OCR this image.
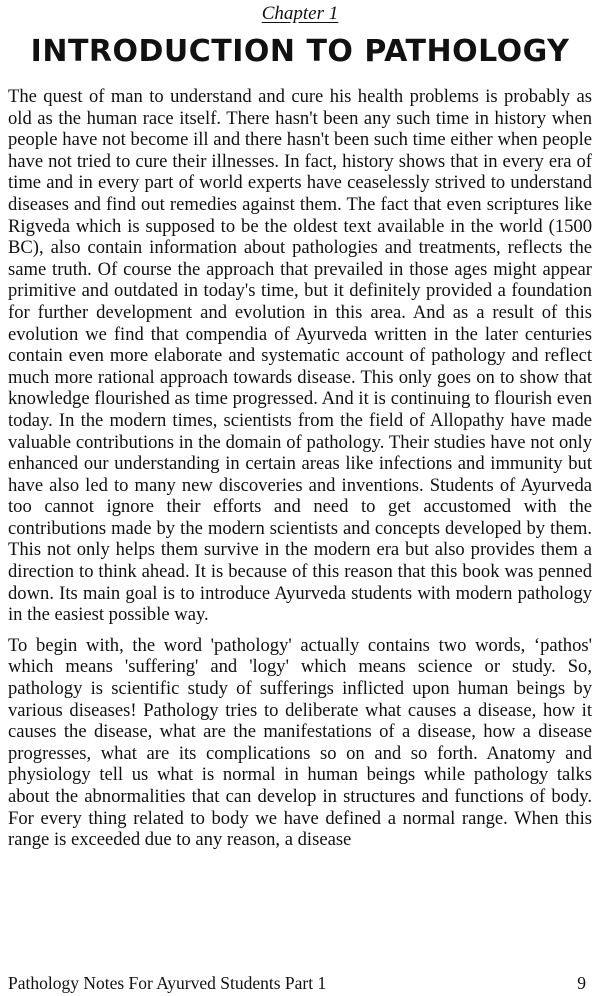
Chapter 1
INTRODUCTION TO PATHOLOGY

The quest of man to understand and cure his health problems is probably as old as the human race itself. There hasn't been any such time in history when people have not become ill and there hasn't been such time either when people have not tried to cure their illnesses. In fact, history shows that in every era of time and in every part of world experts have ceaselessly strived to understand diseases and find out remedies against them. The fact that even scriptures like Rigveda which is supposed to be the oldest text available in the world (1500 BC), also contain information about pathologies and treatments, reflects the same truth. Of course the approach that prevailed in those ages might appear primitive and outdated in today's time, but it definitely provided a foundation for further development and evolution in this area. And as a result of this evolution we find that compendia of Ayurveda written in the later centuries contain even more elaborate and systematic account of pathology and reflect much more rational approach towards disease. This only goes on to show that knowledge flourished as time progressed. And it is continuing to flourish even today. In the modern times, scientists from the field of Allopathy have made valuable contributions in the domain of pathology. Their studies have not only enhanced our understanding in certain areas like infections and immunity but have also led to many new discoveries and inventions. Students of Ayurveda too cannot ignore their efforts and need to get accustomed with the contributions made by the modern scientists and concepts developed by them. This not only helps them survive in the modern era but also provides them a direction to think ahead. It is because of this reason that this book was penned down. Its main goal is to introduce Ayurveda students with modern pathology in the easiest possible way.

To begin with, the word 'pathology' actually contains two words, ‘pathos' which means 'suffering' and 'logy' which means science or study. So, pathology is scientific study of sufferings inflicted upon human beings by various diseases! Pathology tries to deliberate what causes a disease, how it causes the disease, what are the manifestations of a disease, how a disease progresses, what are its complications so on and so forth. Anatomy and physiology tell us what is normal in human beings while pathology talks about the abnormalities that can develop in structures and functions of body. For every thing related to body we have defined a normal range. When this range is exceeded due to any reason, a disease

Pathology Notes For Ayurved Students Part 1	9
